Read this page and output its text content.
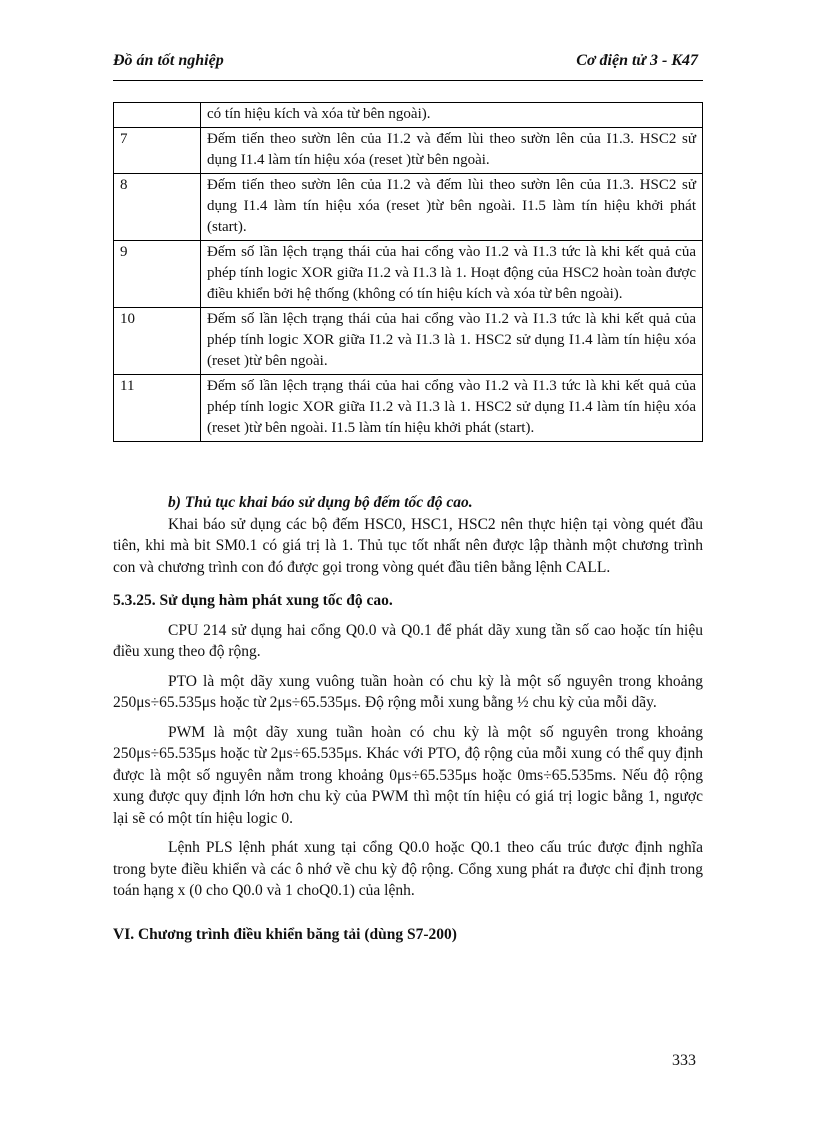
Đồ án tốt nghiệp	Cơ điện tử 3 - K47
	có tín hiệu kích và xóa từ bên ngoài).
7	Đếm tiến theo sườn lên của I1.2 và đếm lùi theo sườn lên của I1.3. HSC2 sử dụng I1.4 làm tín hiệu xóa (reset )từ bên ngoài.
8	Đếm tiến theo sườn lên của I1.2 và đếm lùi theo sườn lên của I1.3. HSC2 sử dụng I1.4 làm tín hiệu xóa (reset )từ bên ngoài. I1.5 làm tín hiệu khởi phát (start).
9	Đếm số lần lệch trạng thái của hai cổng vào I1.2 và I1.3 tức là khi kết quả của phép tính logic XOR giữa I1.2 và I1.3 là 1. Hoạt động của HSC2 hoàn toàn được điều khiển bởi hệ thống (không có tín hiệu kích và xóa từ bên ngoài).
10	Đếm số lần lệch trạng thái của hai cổng vào I1.2 và I1.3 tức là khi kết quả của phép tính logic XOR giữa I1.2 và I1.3 là 1. HSC2 sử dụng I1.4 làm tín hiệu xóa (reset )từ bên ngoài.
11	Đếm số lần lệch trạng thái của hai cổng vào I1.2 và I1.3 tức là khi kết quả của phép tính logic XOR giữa I1.2 và I1.3 là 1. HSC2 sử dụng I1.4 làm tín hiệu xóa (reset )từ bên ngoài. I1.5 làm tín hiệu khởi phát (start).

b) Thủ tục khai báo sử dụng bộ đếm tốc độ cao.

Khai báo sử dụng các bộ đếm HSC0, HSC1, HSC2 nên thực hiện tại vòng quét đầu tiên, khi mà bit SM0.1 có giá trị là 1. Thủ tục tốt nhất nên được lập thành một chương trình con và chương trình con đó được gọi trong vòng quét đầu tiên bằng lệnh CALL.

5.3.25. Sử dụng hàm phát xung tốc độ cao.

CPU 214 sử dụng hai cổng Q0.0 và Q0.1 để phát dãy xung tần số cao hoặc tín hiệu điều xung theo độ rộng.

PTO là một dãy xung vuông tuần hoàn có chu kỳ là một số nguyên trong khoảng 250μs÷65.535μs hoặc từ 2μs÷65.535μs. Độ rộng mỗi xung bằng ½ chu kỳ của mỗi dãy.

PWM là một dãy xung tuần hoàn có chu kỳ là một số nguyên trong khoảng 250μs÷65.535μs hoặc từ 2μs÷65.535μs. Khác với PTO, độ rộng của mỗi xung có thể quy định được là một số nguyên nằm trong khoảng 0μs÷65.535μs hoặc 0ms÷65.535ms. Nếu độ rộng xung được quy định lớn hơn chu kỳ của PWM thì một tín hiệu có giá trị logic bằng 1, ngược lại sẽ có một tín hiệu logic 0.

Lệnh PLS lệnh phát xung tại cổng Q0.0 hoặc Q0.1 theo cấu trúc được định nghĩa trong byte điều khiển và các ô nhớ về chu kỳ độ rộng. Cổng xung phát ra được chỉ định trong toán hạng x (0 cho Q0.0 và 1 choQ0.1) của lệnh.

VI. Chương trình điều khiển băng tải (dùng S7-200)

333
